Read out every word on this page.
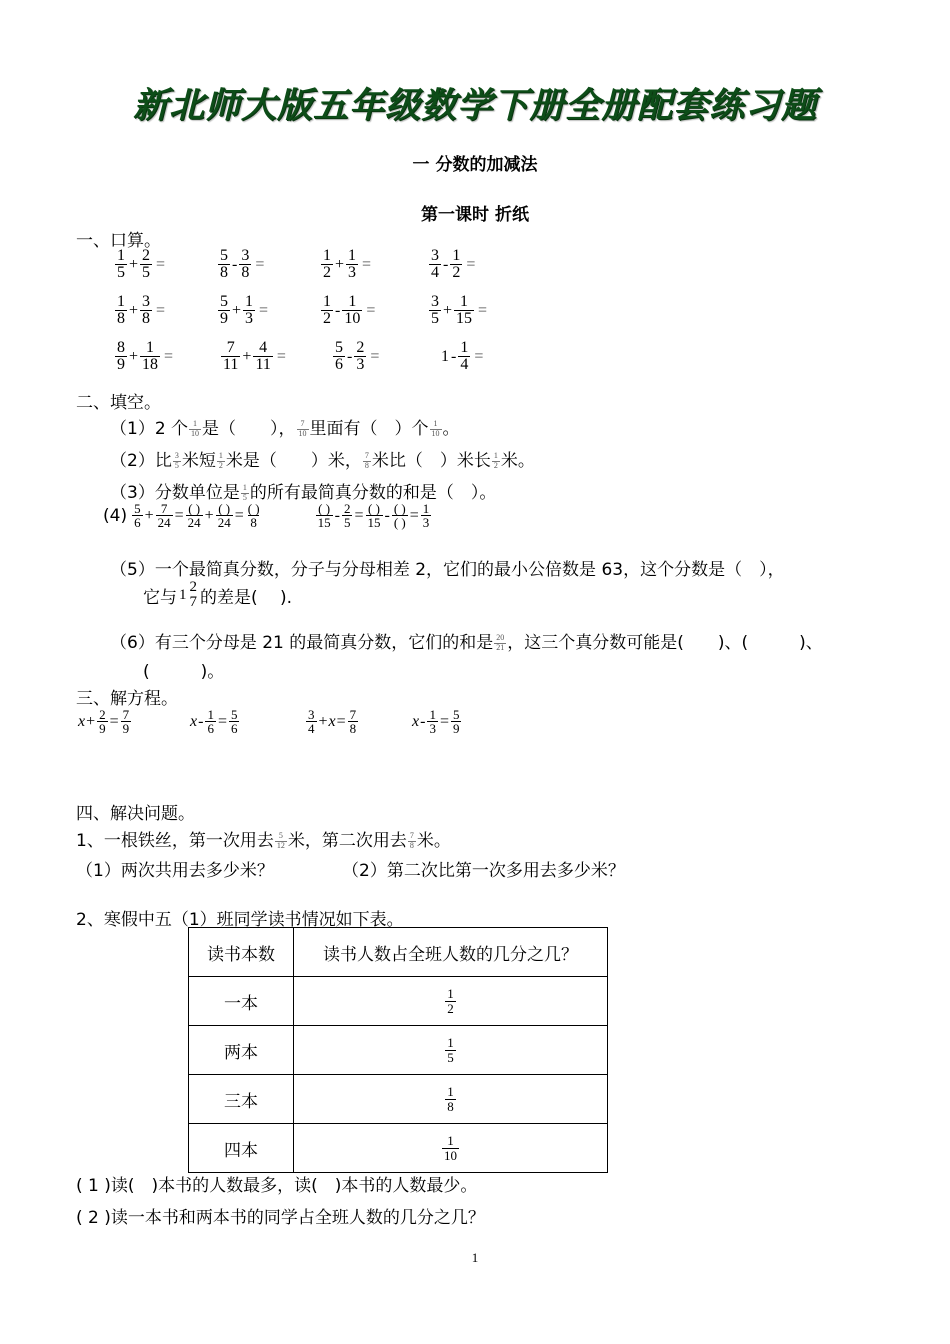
新北师大版五年级数学下册全册配套练习题
一 分数的加减法
第一课时 折纸
一、口算。
$\frac{1}{5} + \frac{2}{5}$ =	$\frac{5}{8} - \frac{3}{8}$ =	$\frac{1}{2} + \frac{1}{3}$ =	$\frac{3}{4} - \frac{1}{2}$ =
$\frac{1}{8} + \frac{3}{8}$ =	$\frac{5}{9} + \frac{1}{3}$ =	$\frac{1}{2} - \frac{1}{10}$ =	$\frac{3}{5} + \frac{1}{15}$ =
$\frac{8}{9} + \frac{1}{18}$ =	$\frac{7}{11} + \frac{4}{11}$ =	$\frac{5}{6} - \frac{2}{3}$ =	$1 - \frac{1}{4}$ =
二、填空。
（1）2 个 $\frac{1}{10}$ 是（　　）， $\frac{7}{10}$ 里面有（　）个 $\frac{1}{10}$ 。
（2）比 $\frac{3}{5}$ 米短 $\frac{1}{2}$ 米是（　　）米， $\frac{7}{8}$ 米比（　）米长 $\frac{1}{2}$ 米。
（3）分数单位是 $\frac{1}{5}$ 的所有最简真分数的和是（　）。
$(4) \frac{5}{6} + \frac{7}{24} = \frac{( )}{24} + \frac{( )}{24} = \frac{( )}{8}$	$\frac{( )}{15} - \frac{2}{5} = \frac{( )}{15} - \frac{( )}{( )} = \frac{1}{3}$
（5）一个最简真分数，分子与分母相差 2，它们的最小公倍数是 63，这个分数是（　），
它与 1 2
7 的差是(　 ).
（6）有三个分母是 21 的最简真分数，它们的和是 $\frac{20}{21}$ ，这三个真分数可能是(　　)、(　　　)、
(　　　)。
三、解方程。
$x + \frac{2}{9} = \frac{7}{9}$	$x - \frac{1}{6} = \frac{5}{6}$	$\frac{3}{4} + x = \frac{7}{8}$	$x - \frac{1}{3} = \frac{5}{9}$
四、解决问题。
1、一根铁丝，第一次用去 $\frac{5}{12}$ 米，第二次用去 $\frac{7}{8}$ 米。
（1）两次共用去多少米？	（2）第二次比第一次多用去多少米？
2、寒假中五（1）班同学读书情况如下表。
读书本数	读书人数占全班人数的几分之几？
一本	$\frac{1}{2}$

两本	$\frac{1}{5}$

三本	$\frac{1}{8}$

四本	$\frac{1}{10}$
( 1 )读(　)本书的人数最多，读(　)本书的人数最少。
( 2 )读一本书和两本书的同学占全班人数的几分之几？
1
